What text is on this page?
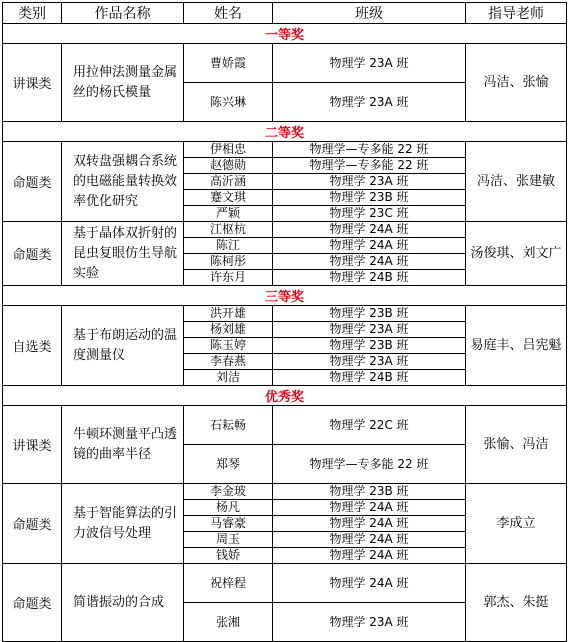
类别	作品名称	姓名	班级	指导老师
一等奖				
讲课类	用拉伸法测量金属丝的杨氏模量	曹娇霞	物理学 23A 班	冯洁、张愉
		陈兴琳	物理学 23A 班	
二等奖				
命题类	双转盘强耦合系统的电磁能量转换效率优化研究	伊相忠	物理学—专多能 22 班	冯洁、张建敏
		赵德勋	物理学—专多能 22 班	
		高沂涵	物理学 23A 班	
		蹇文琪	物理学 23B 班	
		严颖	物理学 23C 班	
命题类	基于晶体双折射的昆虫复眼仿生导航实验	江枢杭	物理学 24A 班	汤俊琪、刘文广
		陈江	物理学 24A 班	
		陈柯彤	物理学 24A 班	
		许东月	物理学 24B 班	
三等奖				
自选类	基于布朗运动的温度测量仪	洪开雄	物理学 23B 班	易庭丰、吕宪魁
		杨刘雄	物理学 23A 班	
		陈玉婷	物理学 23B 班	
		李春燕	物理学 23A 班	
		刘洁	物理学 24B 班	
优秀奖				
讲课类	牛顿环测量平凸透镜的曲率半径	石耘畅	物理学 22C 班	张愉、冯洁
		郑琴	物理学—专多能 22 班	
命题类	基于智能算法的引力波信号处理	李金玻	物理学 23B 班	李成立
		杨凡	物理学 24A 班	
		马睿豪	物理学 24A 班	
		周玉	物理学 24A 班	
		钱娇	物理学 24A 班	
命题类	简谐振动的合成	祝梓程	物理学 24A 班	郭杰、朱挺
		张湘	物理学 23A 班	
